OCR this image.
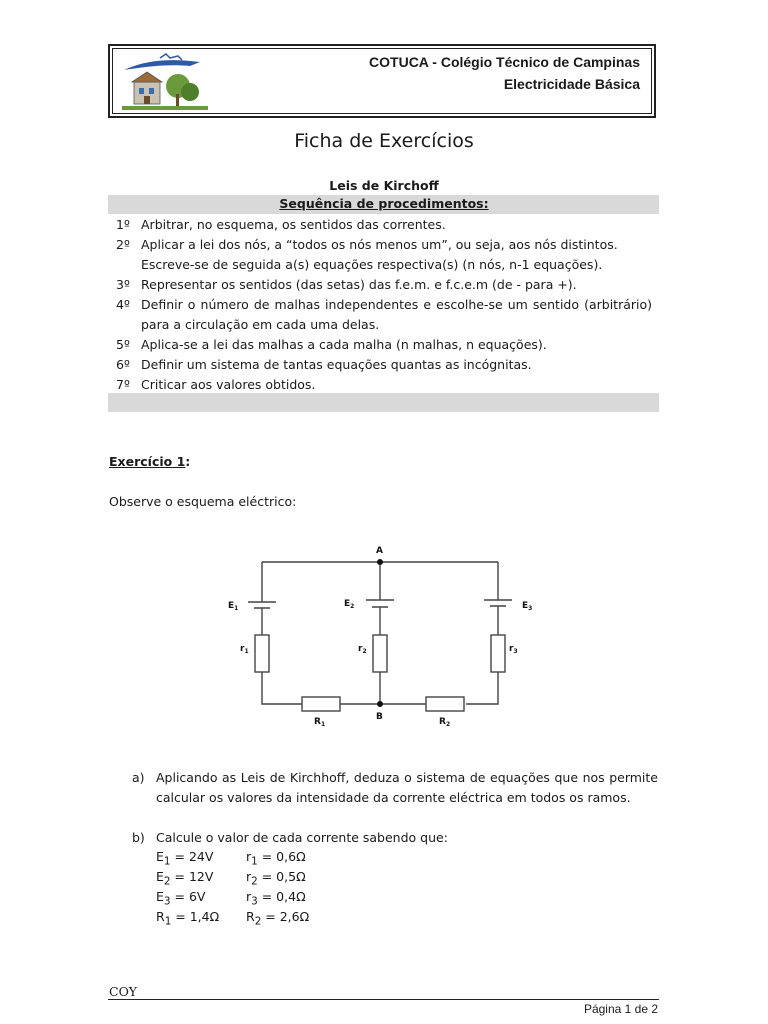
COTUCA - Colégio Técnico de Campinas
Electricidade Básica
Ficha de Exercícios
Leis de Kirchoff
Sequência de procedimentos:
1º Arbitrar, no esquema, os sentidos das correntes.
2º Aplicar a lei dos nós, a “todos os nós menos um”, ou seja, aos nós distintos. Escreve-se de seguida a(s) equações respectiva(s) (n nós, n-1 equações).
3º Representar os sentidos (das setas) das f.e.m. e f.c.e.m (de - para +).
4º Definir o número de malhas independentes e escolhe-se um sentido (arbitrário) para a circulação em cada uma delas.
5º Aplica-se a lei das malhas a cada malha (n malhas, n equações).
6º Definir um sistema de tantas equações quantas as incógnitas.
7º Criticar aos valores obtidos.
Exercício 1:
Observe o esquema eléctrico:
A
B
$E_1$	$E_2$	$E_3$
$r_1$	$r_2$	$r_3$
$R_1$	$R_2$
a) Aplicando as Leis de Kirchhoff, deduza o sistema de equações que nos permite calcular os valores da intensidade da corrente eléctrica em todos os ramos.
b) Calcule o valor de cada corrente sabendo que:
$E_1 = 24V$	$r_1 = 0,6\Omega$
$E_2 = 12V$	$r_2 = 0,5\Omega$
$E_3 = 6V$	$r_3 = 0,4\Omega$
$R_1 = 1,4\Omega$ $R_2 = 2,6\Omega$
COY
Página 1 de 2
